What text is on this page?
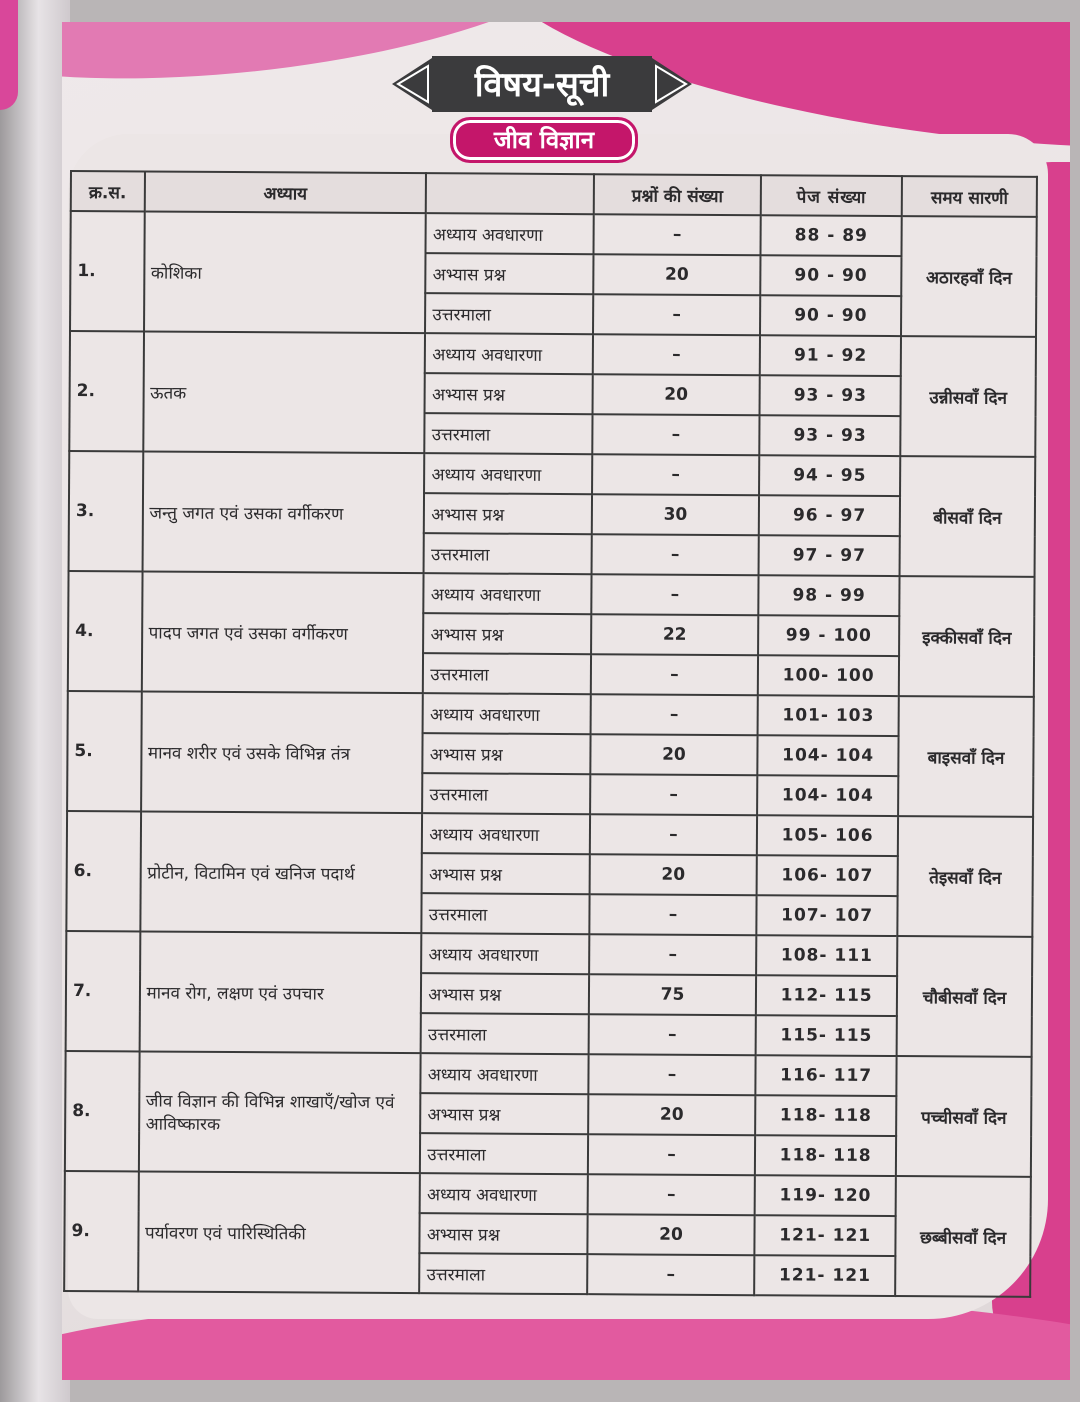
विषय-सूची
जीव विज्ञान
क्र.स.	अध्याय		प्रश्नों की संख्या	पेज संख्या	समय सारणी
1.	कोशिका	अध्याय अवधारणा	–	88 - 89	अठारहवाँ दिन
		अभ्यास प्रश्न	20	90 - 90	
		उत्तरमाला	–	90 - 90	
2.	ऊतक	अध्याय अवधारणा	–	91 - 92	उन्नीसवाँ दिन
		अभ्यास प्रश्न	20	93 - 93	
		उत्तरमाला	–	93 - 93	
3.	जन्तु जगत एवं उसका वर्गीकरण	अध्याय अवधारणा	–	94 - 95	बीसवाँ दिन
		अभ्यास प्रश्न	30	96 - 97	
		उत्तरमाला	–	97 - 97	
4.	पादप जगत एवं उसका वर्गीकरण	अध्याय अवधारणा	–	98 - 99	इक्कीसवाँ दिन
		अभ्यास प्रश्न	22	99 - 100	
		उत्तरमाला	–	100- 100	
5.	मानव शरीर एवं उसके विभिन्न तंत्र	अध्याय अवधारणा	–	101- 103	बाइसवाँ दिन
		अभ्यास प्रश्न	20	104- 104	
		उत्तरमाला	–	104- 104	
6.	प्रोटीन, विटामिन एवं खनिज पदार्थ	अध्याय अवधारणा	–	105- 106	तेइसवाँ दिन
		अभ्यास प्रश्न	20	106- 107	
		उत्तरमाला	–	107- 107	
7.	मानव रोग, लक्षण एवं उपचार	अध्याय अवधारणा	–	108- 111	चौबीसवाँ दिन
		अभ्यास प्रश्न	75	112- 115	
		उत्तरमाला	–	115- 115	
8.	जीव विज्ञान की विभिन्न शाखाएँ/खोज एवं आविष्कारक	अध्याय अवधारणा	–	116- 117	पच्चीसवाँ दिन
		अभ्यास प्रश्न	20	118- 118	
		उत्तरमाला	–	118- 118	
9.	पर्यावरण एवं पारिस्थितिकी	अध्याय अवधारणा	–	119- 120	छब्बीसवाँ दिन
		अभ्यास प्रश्न	20	121- 121	
		उत्तरमाला	–	121- 121	
